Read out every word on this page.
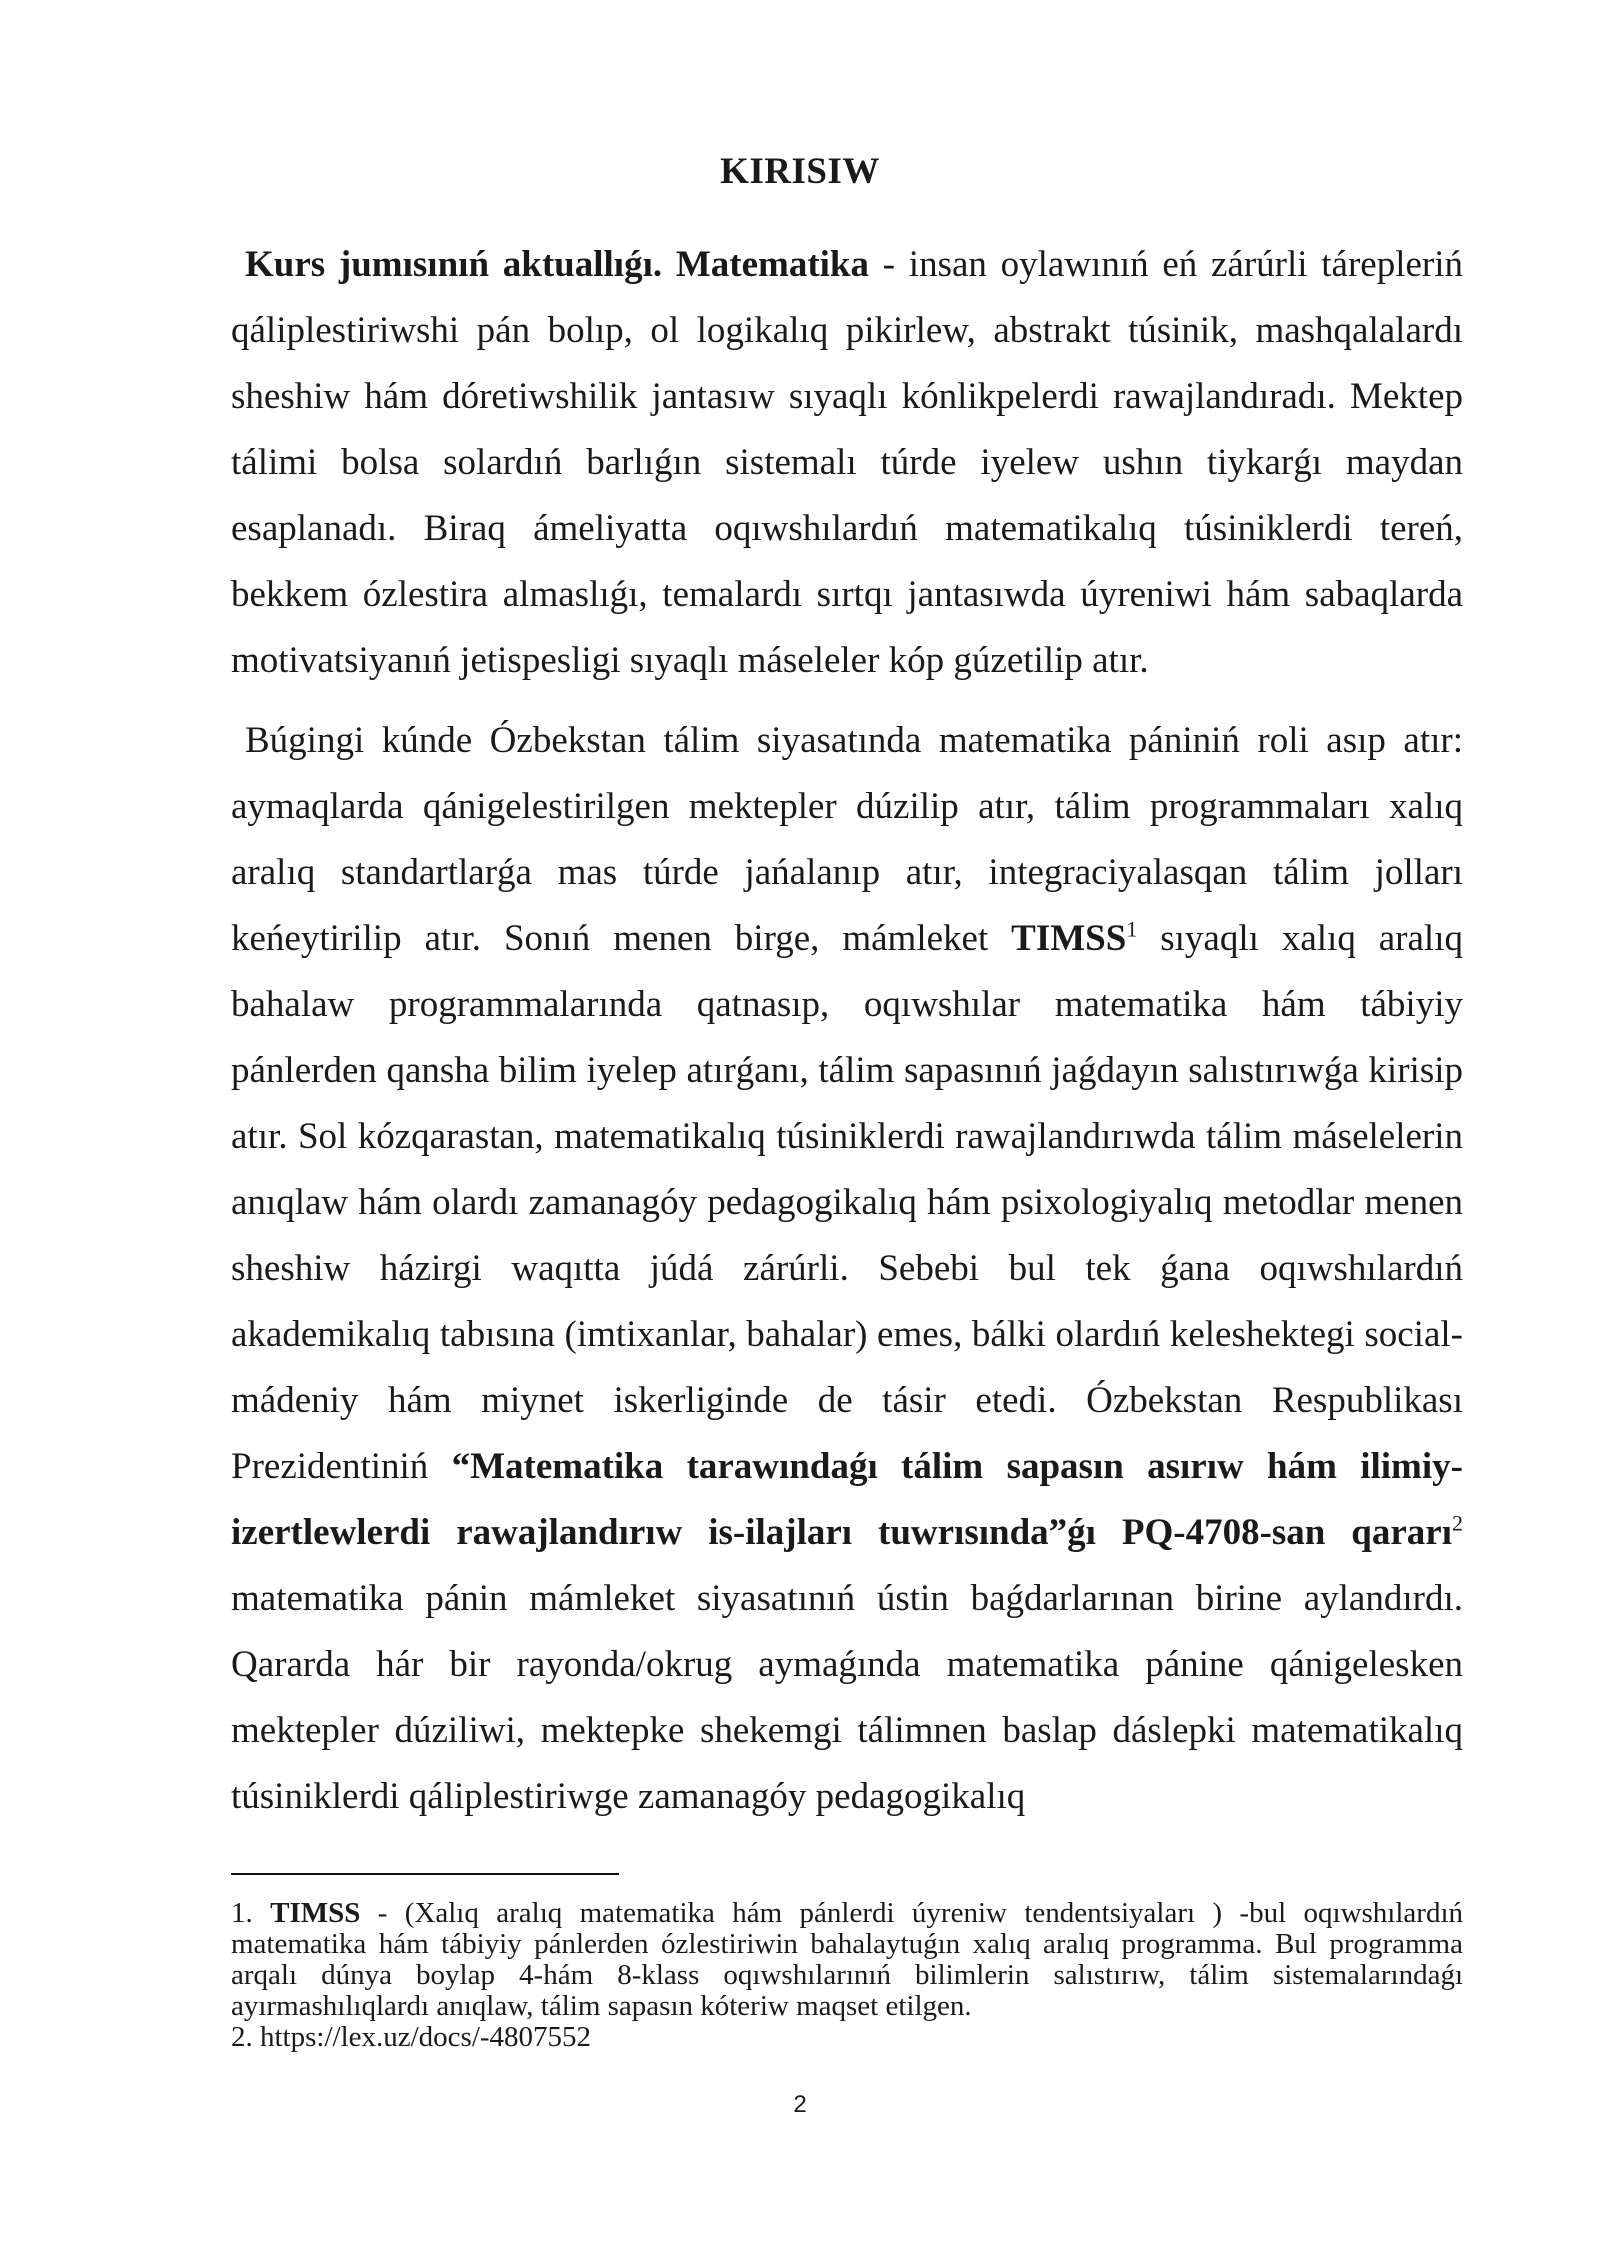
KIRISIW

Kurs jumısınıń aktuallıǵı. Matematika - insan oylawınıń eń zárúrli tárepleriń qáliplestiriwshi pán bolıp, ol logikalıq pikirlew, abstrakt túsinik, mashqalalardı sheshiw hám dóretiwshilik jantasıw sıyaqlı kónlikpelerdi rawajlandıradı. Mektep tálimi bolsa solardıń barlıǵın sistemalı túrde iyelew ushın tiykarǵı maydan esaplanadı. Biraq ámeliyatta oqıwshılardıń matematikalıq túsiniklerdi tereń, bekkem ózlestira almaslıǵı, temalardı sırtqı jantasıwda úyreniwi hám sabaqlarda motivatsiyanıń jetispesligi sıyaqlı máseleler kóp gúzetilip atır.

Búgingi kúnde Ózbekstan tálim siyasatında matematika pániniń roli asıp atır: aymaqlarda qánigelestirilgen mektepler dúzilip atır, tálim programmaları xalıq aralıq standartlarǵa mas túrde jańalanıp atır, integraciyalasqan tálim jolları keńeytirilip atır. Sonıń menen birge, mámleket TIMSS$^1$ sıyaqlı xalıq aralıq bahalaw programmalarında qatnasıp, oqıwshılar matematika hám tábiyiy pánlerden qansha bilim iyelep atırǵanı, tálim sapasınıń jaǵdayın salıstırıwǵa kirisip atır. Sol kózqarastan, matematikalıq túsiniklerdi rawajlandırıwda tálim máselelerin anıqlaw hám olardı zamanagóy pedagogikalıq hám psixologiyalıq metodlar menen sheshiw házirgi waqıtta júdá zárúrli. Sebebi bul tek ǵana oqıwshılardıń akademikalıq tabısına (imtixanlar, bahalar) emes, bálki olardıń keleshektegi social-mádeniy hám miynet iskerliginde de tásir etedi. Ózbekstan Respublikası Prezidentiniń “Matematika tarawındaǵı tálim sapasın asırıw hám ilimiy-izertlewlerdi rawajlandırıw is-ilajları tuwrısında”ǵı PQ-4708-san qararı$^2$ matematika pánin mámleket siyasatınıń ústin baǵdarlarınan birine aylandırdı. Qararda hár bir rayonda/okrug aymaǵında matematika pánine qánigelesken mektepler dúziliwi, mektepke shekemgi tálimnen baslap dáslepki matematikalıq túsiniklerdi qáliplestiriwge zamanagóy pedagogikalıq

1. TIMSS - (Xalıq aralıq matematika hám pánlerdi úyreniw tendentsiyaları ) -bul oqıwshılardıń matematika hám tábiyiy pánlerden ózlestiriwin bahalaytuǵın xalıq aralıq programma. Bul programma arqalı dúnya boylap 4-hám 8-klass oqıwshılarınıń bilimlerin salıstırıw, tálim sistemalarındaǵı ayırmashılıqlardı anıqlaw, tálim sapasın kóteriw maqset etilgen.

2. https://lex.uz/docs/-4807552

2
